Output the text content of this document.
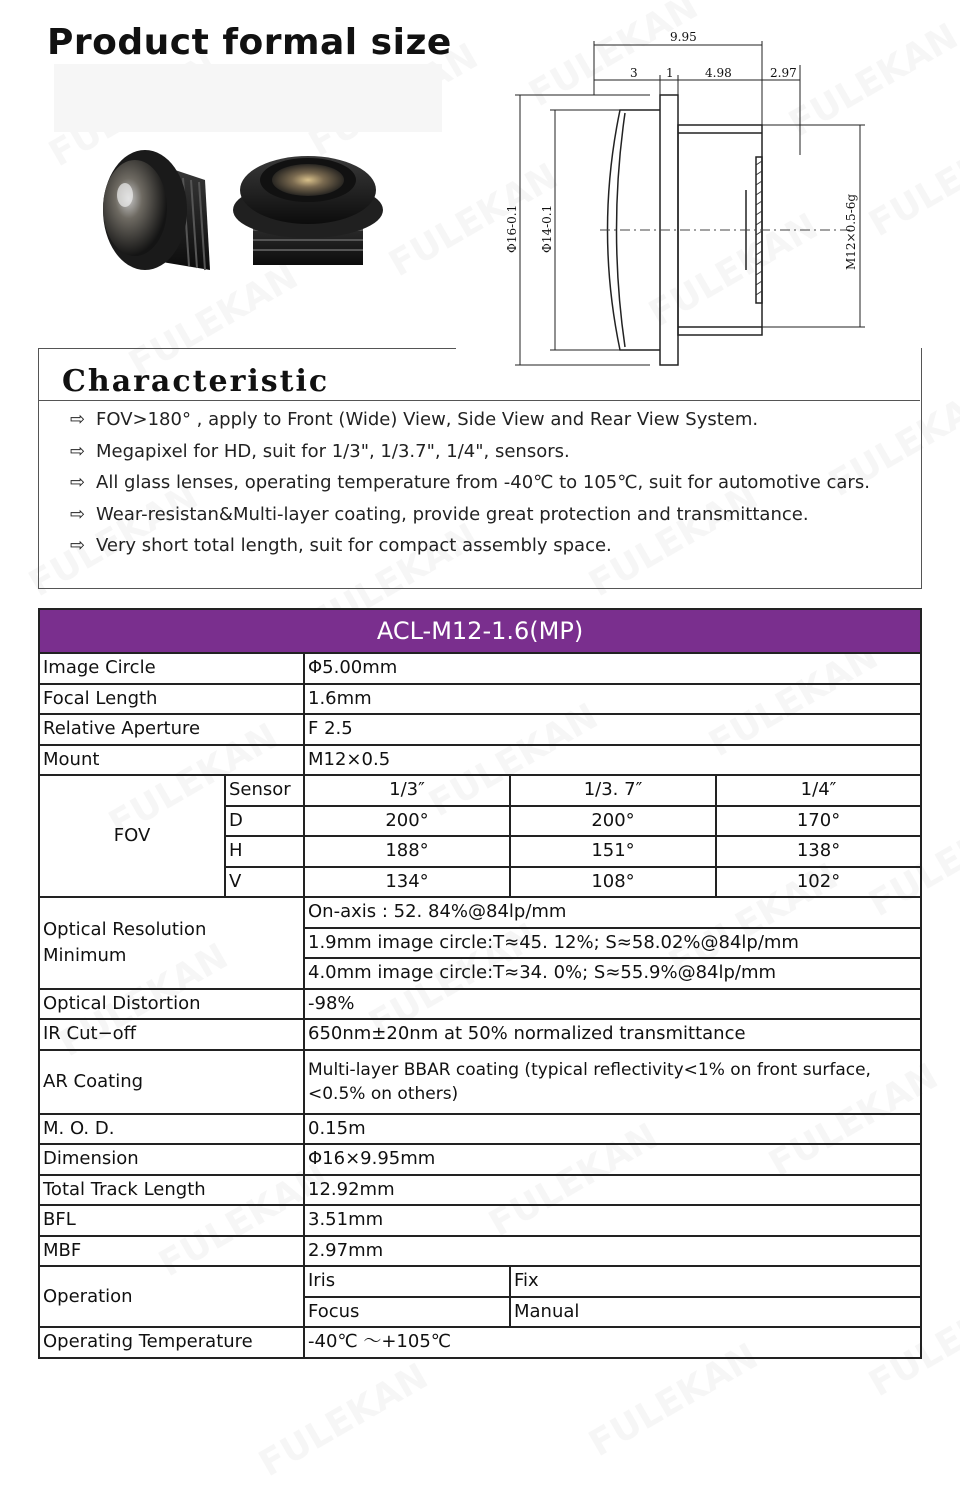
Product formal size	9.95
3 1	4.98	2.97
Φ16-0.1 Φ14-0.1	M12×0.5-6g
Characteristic
⇨ FOV>180° , apply to Front (Wide) View, Side View and Rear View System.
⇨ Megapixel for HD, suit for 1/3", 1/3.7", 1/4", sensors.
⇨ All glass lenses, operating temperature from -40℃ to 105℃, suit for automotive cars.
⇨ Wear-resistan&Multi-layer coating, provide great protection and transmittance.
⇨ Very short total length, suit for compact assembly space.
ACL-M12-1.6(MP)				
Image Circle		Φ5.00mm		
Focal Length		1.6mm		
Relative Aperture		F 2.5		
Mount		M12×0.5		
FOV	Sensor	1/3″	1/3. 7″	1/4″
	D	200°	200°	170°
	H	188°	151°	138°
	V	134°	108°	102°
Optical Resolution
Minimum		On-axis : 52. 84%@84lp/mm		
		1.9mm image circle:T≈45. 12%; S≈58.02%@84lp/mm		
		4.0mm image circle:T≈34. 0%; S≈55.9%@84lp/mm		
Optical Distortion		-98%		
IR Cut−off		650nm±20nm at 50% normalized transmittance		
AR Coating		Multi-layer BBAR coating (typical reflectivity<1% on front surface, <0.5% on others)		
M. O. D.		0.15m		
Dimension		Φ16×9.95mm		
Total Track Length		12.92mm		
BFL		3.51mm		
MBF		2.97mm		
Operation		Iris	Fix	
		Focus	Manual	
Operating Temperature		-40℃ ～+105℃		
